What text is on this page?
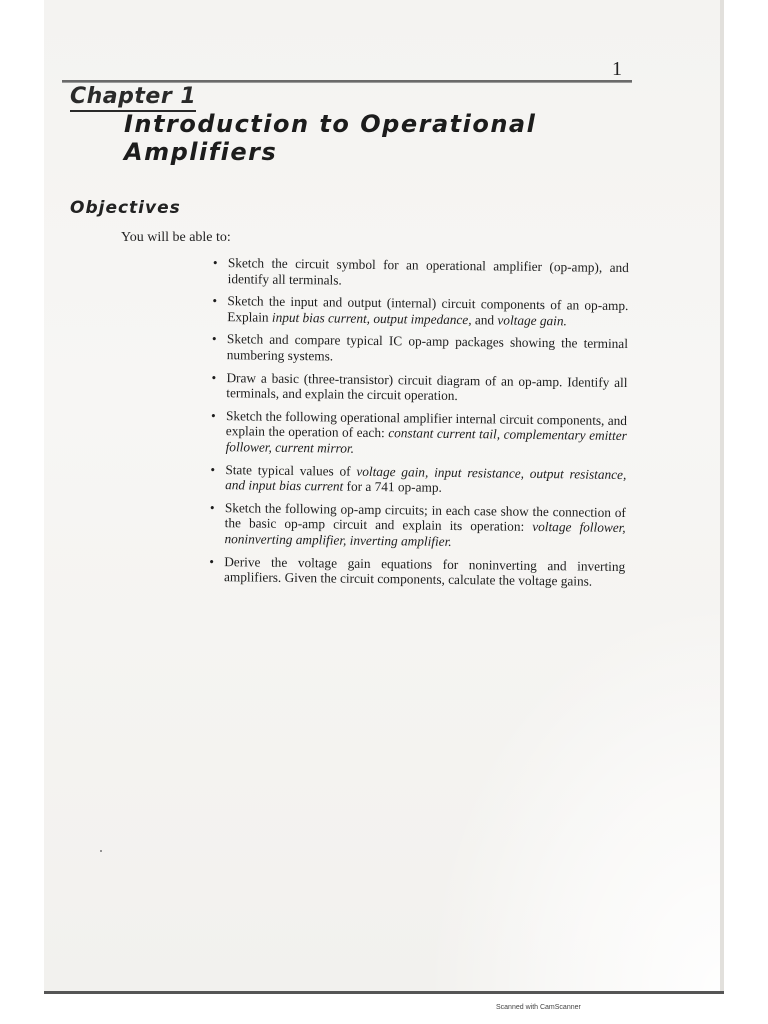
1
Chapter 1
Introduction to Operational Amplifiers
Objectives
You will be able to:
• Sketch the circuit symbol for an operational amplifier (op-amp), and identify all terminals.
• Sketch the input and output (internal) circuit components of an op-amp. Explain input bias current, output impedance, and voltage gain.
• Sketch and compare typical IC op-amp packages showing the terminal numbering systems.
• Draw a basic (three-transistor) circuit diagram of an op-amp. Identify all terminals, and explain the circuit operation.
• Sketch the following operational amplifier internal circuit components, and explain the operation of each: constant current tail, complementary emitter follower, current mirror.
• State typical values of voltage gain, input resistance, output resistance, and input bias current for a 741 op-amp.
• Sketch the following op-amp circuits; in each case show the connection of the basic op-amp circuit and explain its operation: voltage follower, noninverting amplifier, inverting amplifier.
• Derive the voltage gain equations for noninverting and inverting amplifiers. Given the circuit components, calculate the voltage gains.
Scanned with CamScanner
